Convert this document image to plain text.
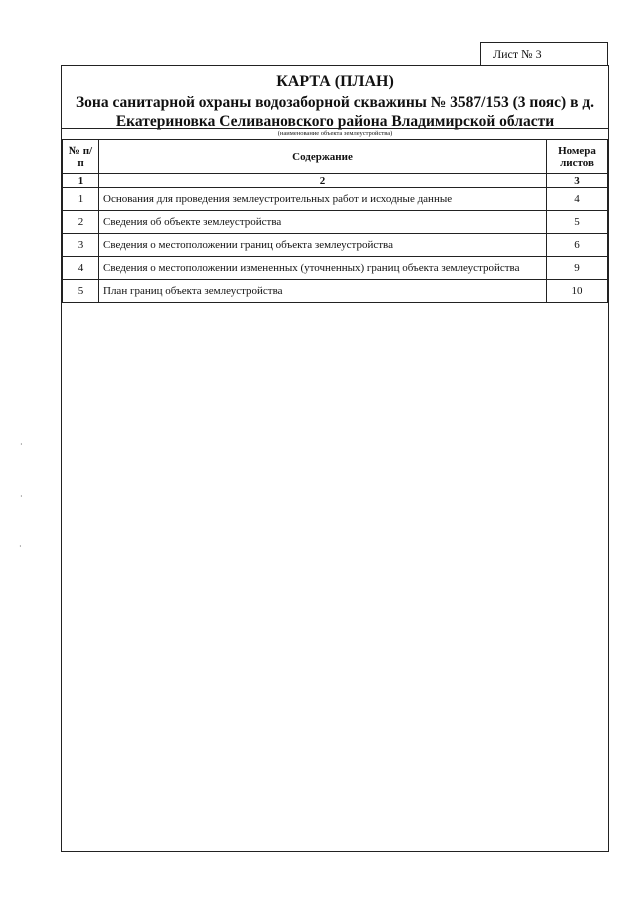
Лист № 3
КАРТА (ПЛАН)
Зона санитарной охраны водозаборной скважины № 3587/153 (3 пояс) в д.
Екатериновка Селивановского района Владимирской области
(наименование объекта землеустройства)
№ п/п	Содержание	Номера листов
1	2	3
1	Основания для проведения землеустроительных работ и исходные данные	4
2	Сведения об объекте землеустройства	5
3	Сведения о местоположении границ объекта землеустройства	6
4	Сведения о местоположении измененных (уточненных) границ объекта землеустройства	9
5	План границ объекта землеустройства	10
·
·
·
